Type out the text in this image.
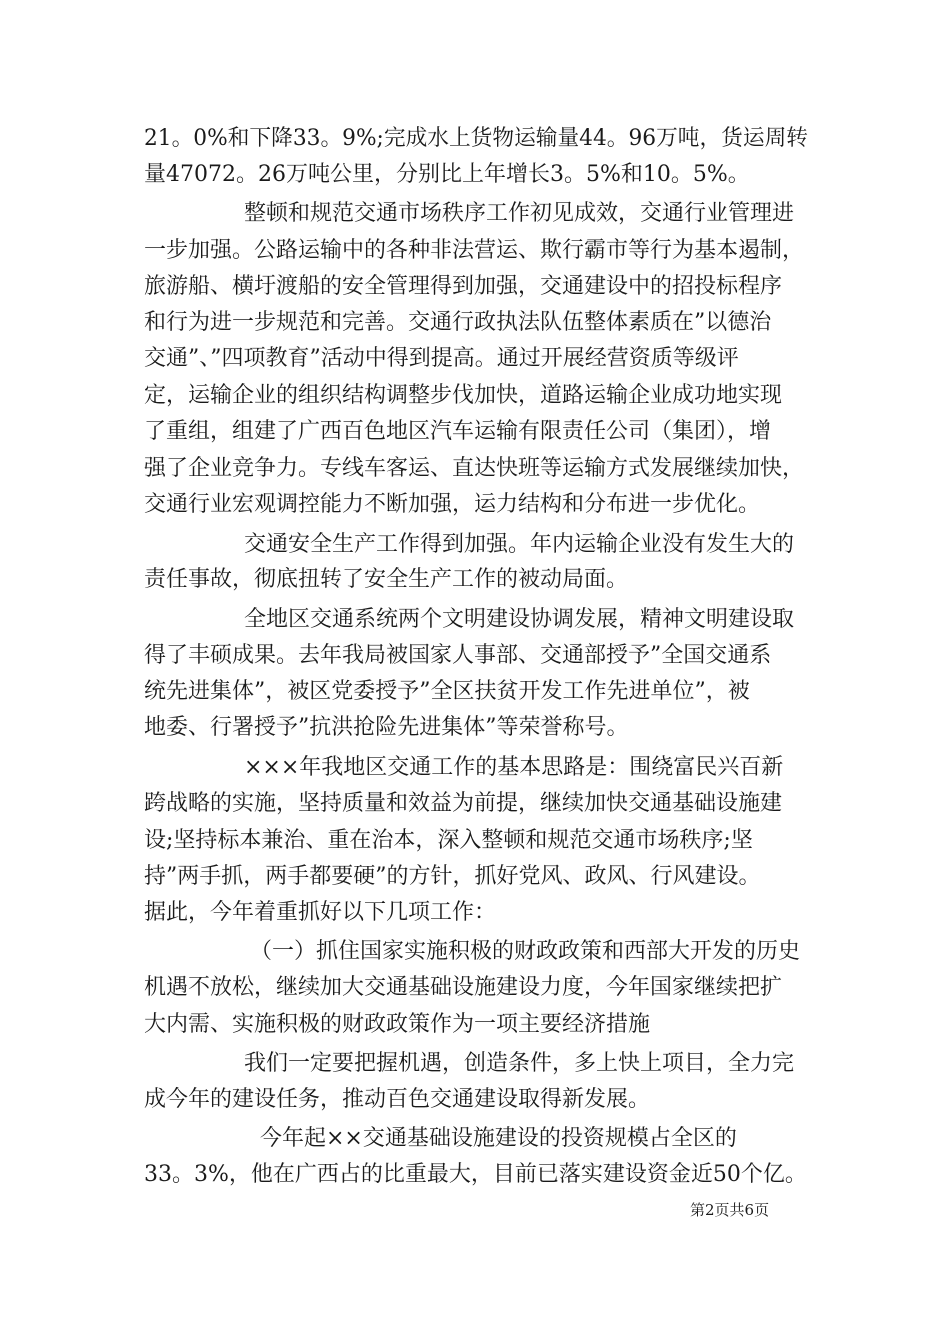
21。0%和下降33。9%;完成水上货物运输量44。96万吨，货运周转
量47072。26万吨公里，分别比上年增长3。5%和10。5%。
整顿和规范交通市场秩序工作初见成效，交通行业管理进
一步加强。公路运输中的各种非法营运、欺行霸市等行为基本遏制，
旅游船、横圩渡船的安全管理得到加强，交通建设中的招投标程序
和行为进一步规范和完善。交通行政执法队伍整体素质在”以德治
交通”、”四项教育”活动中得到提高。通过开展经营资质等级评
定，运输企业的组织结构调整步伐加快，道路运输企业成功地实现
了重组，组建了广西百色地区汽车运输有限责任公司（集团），增
强了企业竞争力。专线车客运、直达快班等运输方式发展继续加快，
交通行业宏观调控能力不断加强，运力结构和分布进一步优化。
交通安全生产工作得到加强。年内运输企业没有发生大的
责任事故，彻底扭转了安全生产工作的被动局面。
全地区交通系统两个文明建设协调发展，精神文明建设取
得了丰硕成果。去年我局被国家人事部、交通部授予”全国交通系
统先进集体”，被区党委授予”全区扶贫开发工作先进单位”，被
地委、行署授予”抗洪抢险先进集体”等荣誉称号。
×××年我地区交通工作的基本思路是：围绕富民兴百新
跨战略的实施，坚持质量和效益为前提，继续加快交通基础设施建
设;坚持标本兼治、重在治本，深入整顿和规范交通市场秩序;坚
持”两手抓，两手都要硬”的方针，抓好党风、政风、行风建设。
据此，今年着重抓好以下几项工作：
（一）抓住国家实施积极的财政政策和西部大开发的历史
机遇不放松，继续加大交通基础设施建设力度，今年国家继续把扩
大内需、实施积极的财政政策作为一项主要经济措施
我们一定要把握机遇，创造条件，多上快上项目，全力完
成今年的建设任务，推动百色交通建设取得新发展。
今年起××交通基础设施建设的投资规模占全区的
33。3%，他在广西占的比重最大，目前已落实建设资金近50个亿。
第2页共6页
